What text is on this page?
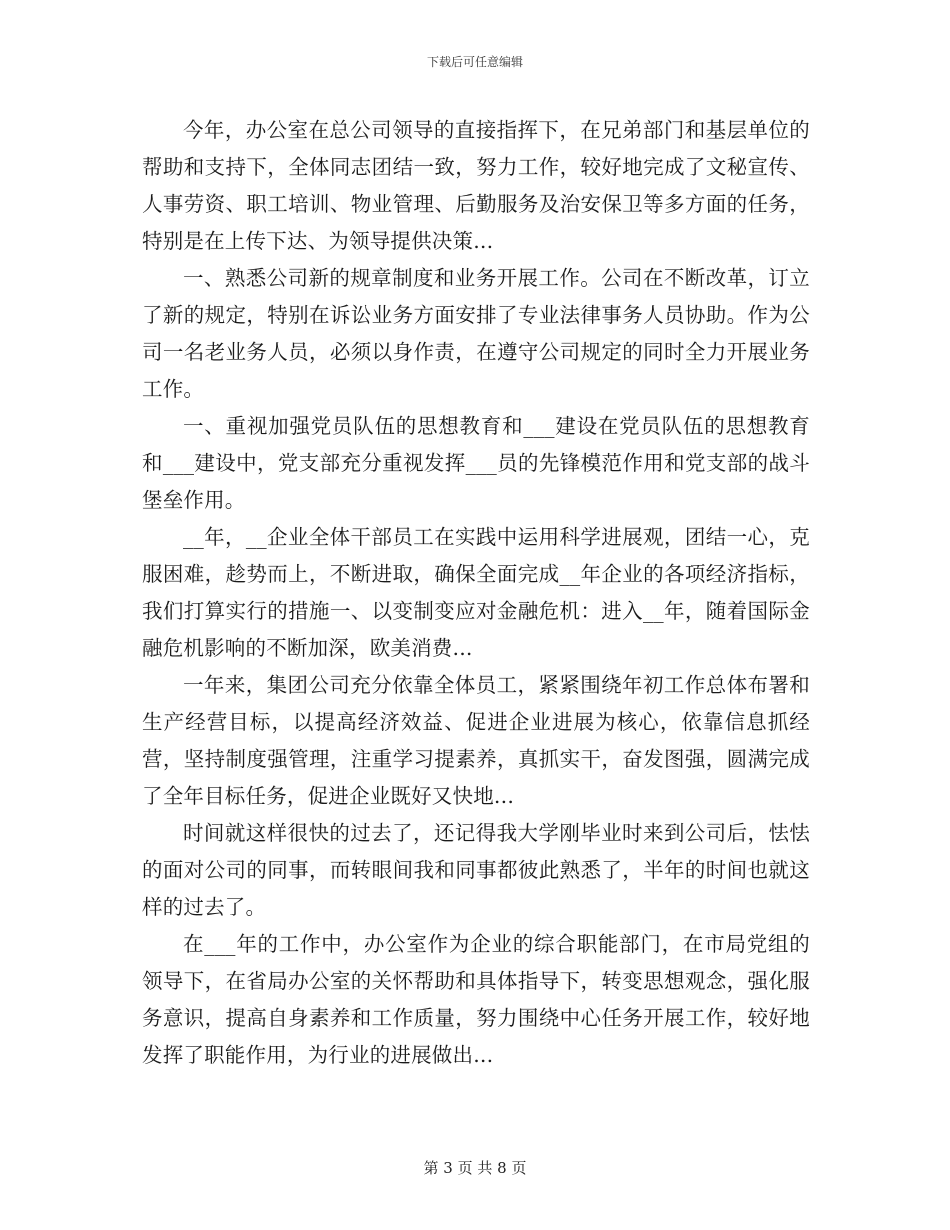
下载后可任意编辑

今年，办公室在总公司领导的直接指挥下，在兄弟部门和基层单位的帮助和支持下，全体同志团结一致，努力工作，较好地完成了文秘宣传、人事劳资、职工培训、物业管理、后勤服务及治安保卫等多方面的任务，特别是在上传下达、为领导提供决策...

一、熟悉公司新的规章制度和业务开展工作。公司在不断改革，订立了新的规定，特别在诉讼业务方面安排了专业法律事务人员协助。作为公司一名老业务人员，必须以身作责，在遵守公司规定的同时全力开展业务工作。

一、重视加强党员队伍的思想教育和___建设在党员队伍的思想教育和___建设中，党支部充分重视发挥___员的先锋模范作用和党支部的战斗堡垒作用。

__年，__企业全体干部员工在实践中运用科学进展观，团结一心，克服困难，趁势而上，不断进取，确保全面完成__年企业的各项经济指标，我们打算实行的措施一、以变制变应对金融危机：进入__年，随着国际金融危机影响的不断加深，欧美消费...

一年来，集团公司充分依靠全体员工，紧紧围绕年初工作总体布署和生产经营目标，以提高经济效益、促进企业进展为核心，依靠信息抓经营，坚持制度强管理，注重学习提素养，真抓实干，奋发图强，圆满完成了全年目标任务，促进企业既好又快地...

时间就这样很快的过去了，还记得我大学刚毕业时来到公司后，怯怯的面对公司的同事，而转眼间我和同事都彼此熟悉了，半年的时间也就这样的过去了。

在___年的工作中，办公室作为企业的综合职能部门，在市局党组的领导下，在省局办公室的关怀帮助和具体指导下，转变思想观念，强化服务意识，提高自身素养和工作质量，努力围绕中心任务开展工作，较好地发挥了职能作用，为行业的进展做出...

第 3 页 共 8 页
